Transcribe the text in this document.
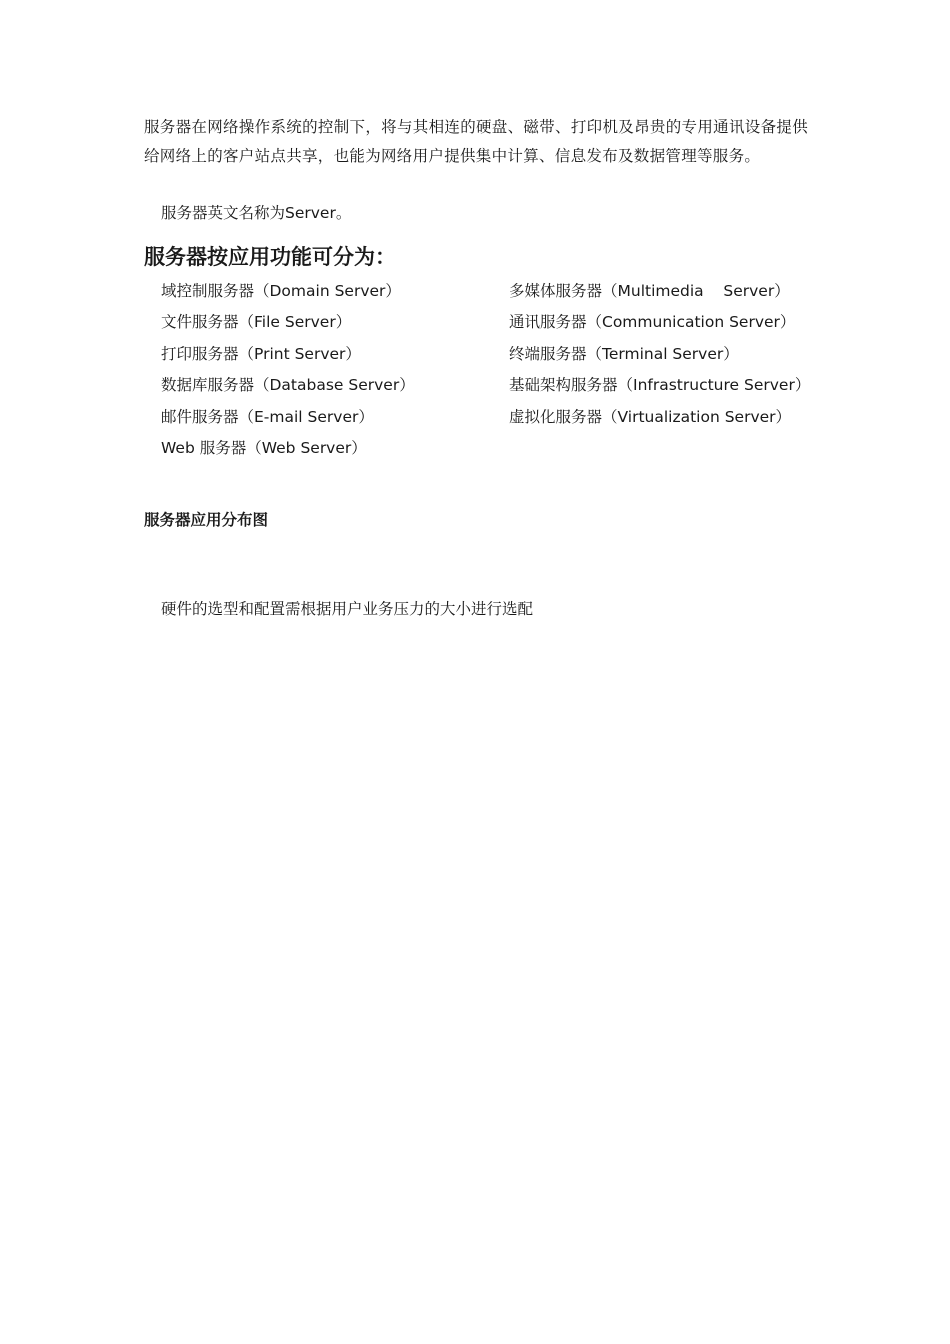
服务器在网络操作系统的控制下，将与其相连的硬盘、磁带、打印机及昂贵的专用通讯设备提供给网络上的客户站点共享，也能为网络用户提供集中计算、信息发布及数据管理等服务。

服务器英文名称为Server。

服务器按应用功能可分为：

域控制服务器（Domain Server）

文件服务器（File Server）

打印服务器（Print Server）

数据库服务器（Database Server）

邮件服务器（E-mail Server）

Web 服务器（Web Server）

多媒体服务器（Multimedia    Server）

通讯服务器（Communication Server）

终端服务器（Terminal Server）

基础架构服务器（Infrastructure Server）

虚拟化服务器（Virtualization Server）

服务器应用分布图

硬件的选型和配置需根据用户业务压力的大小进行选配
